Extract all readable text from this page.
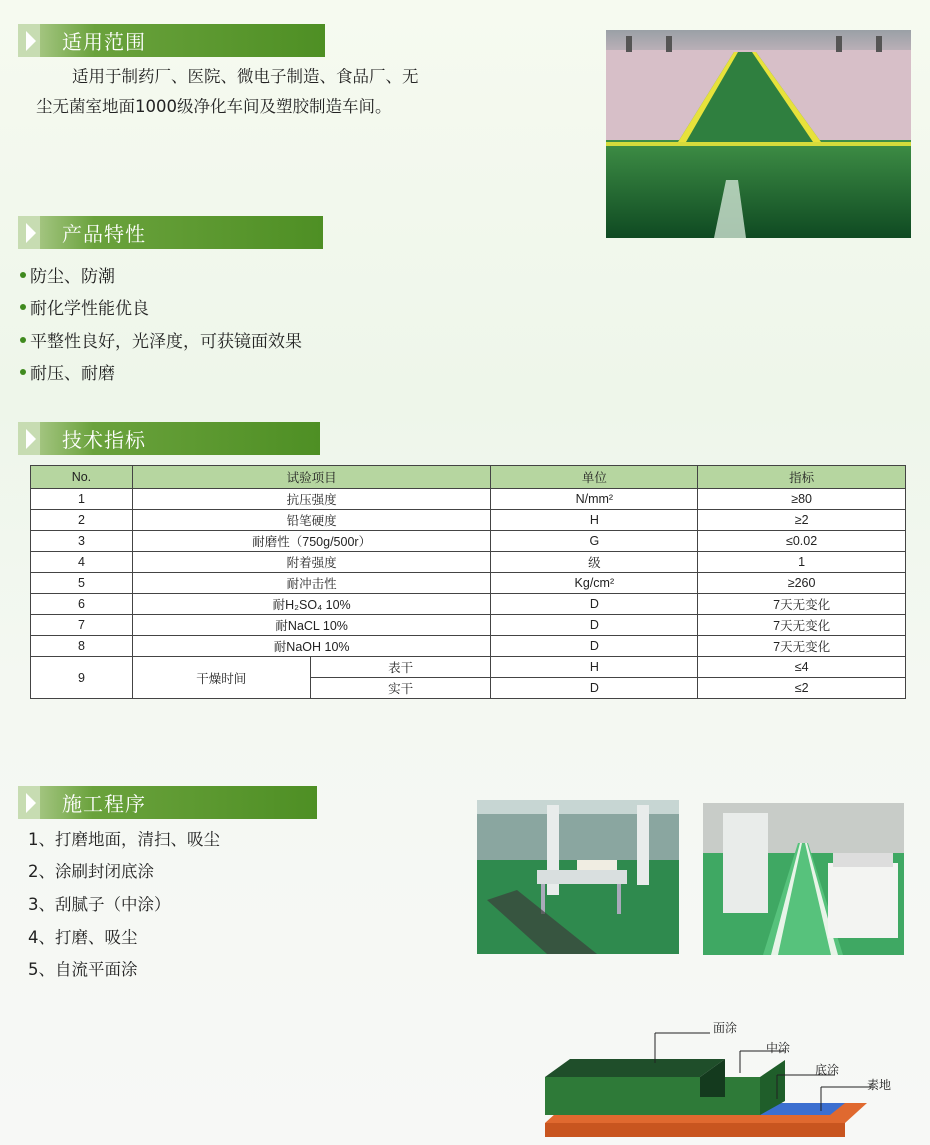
适用范围
适用于制药厂、医院、微电子制造、食品厂、无
尘无菌室地面1000级净化车间及塑胶制造车间。
产品特性
防尘、防潮
耐化学性能优良
平整性良好，光泽度，可获镜面效果
耐压、耐磨
技术指标
No.	试验项目		单位	指标
1	抗压强度		N/mm²	≥80
2	铅笔硬度		H	≥2
3	耐磨性（750g/500r）		G	≤0.02
4	附着强度		级	1
5	耐冲击性		Kg/cm²	≥260
6	耐H₂SO₄ 10%		D	7天无变化
7	耐NaCL 10%		D	7天无变化
8	耐NaOH 10%		D	7天无变化
9	干燥时间	表干	H	≤4
		实干	D	≤2
施工程序
1、打磨地面，清扫、吸尘
2、涂刷封闭底涂
3、刮腻子（中涂）
4、打磨、吸尘
5、自流平面涂
面涂
中涂
底涂
素地
